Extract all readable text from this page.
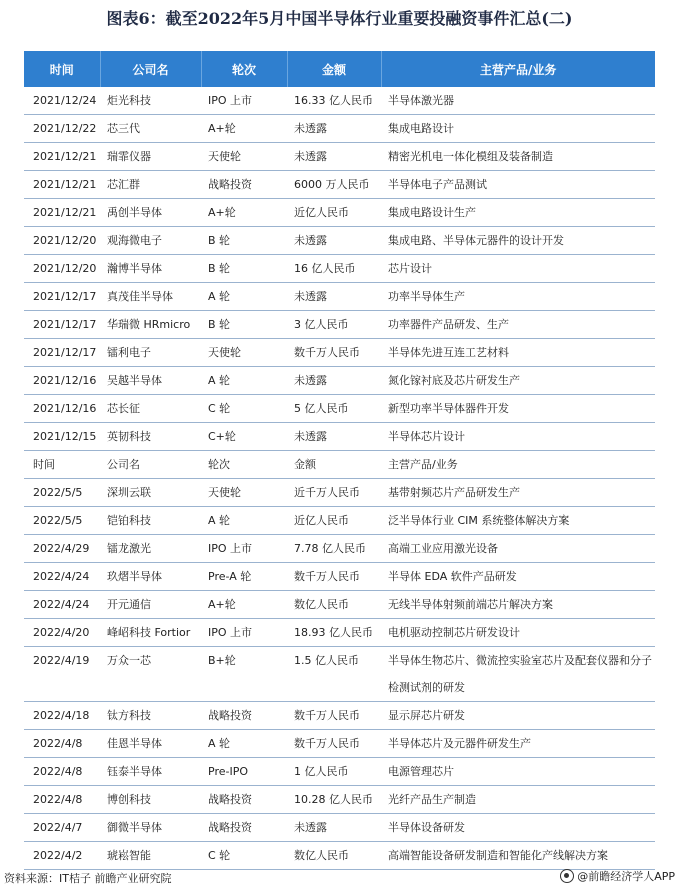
图表6：截至2022年5月中国半导体行业重要投融资事件汇总(二)
时间	公司名	轮次	金额	主营产品/业务
2021/12/24	炬光科技	IPO 上市	16.33 亿人民币	半导体激光器
2021/12/22	芯三代	A+轮	未透露	集成电路设计
2021/12/21	瑞霏仪器	天使轮	未透露	精密光机电一体化模组及装备制造
2021/12/21	芯汇群	战略投资	6000 万人民币	半导体电子产品测试
2021/12/21	禹创半导体	A+轮	近亿人民币	集成电路设计生产
2021/12/20	观海微电子	B 轮	未透露	集成电路、半导体元器件的设计开发
2021/12/20	瀚博半导体	B 轮	16 亿人民币	芯片设计
2021/12/17	真茂佳半导体	A 轮	未透露	功率半导体生产
2021/12/17	华瑞微 HRmicro	B 轮	3 亿人民币	功率器件产品研发、生产
2021/12/17	镭利电子	天使轮	数千万人民币	半导体先进互连工艺材料
2021/12/16	吴越半导体	A 轮	未透露	氮化镓衬底及芯片研发生产
2021/12/16	芯长征	C 轮	5 亿人民币	新型功率半导体器件开发
2021/12/15	英韧科技	C+轮	未透露	半导体芯片设计
时间	公司名	轮次	金额	主营产品/业务
2022/5/5	深圳云联	天使轮	近千万人民币	基带射频芯片产品研发生产
2022/5/5	铠铂科技	A 轮	近亿人民币	泛半导体行业 CIM 系统整体解决方案
2022/4/29	镭龙激光	IPO 上市	7.78 亿人民币	高端工业应用激光设备
2022/4/24	玖熠半导体	Pre-A 轮	数千万人民币	半导体 EDA 软件产品研发
2022/4/24	开元通信	A+轮	数亿人民币	无线半导体射频前端芯片解决方案
2022/4/20	峰岹科技 Fortior	IPO 上市	18.93 亿人民币	电机驱动控制芯片研发设计
2022/4/19	万众一芯	B+轮	1.5 亿人民币	半导体生物芯片、微流控实验室芯片及配套仪器和分子检测试剂的研发
2022/4/18	钛方科技	战略投资	数千万人民币	显示屏芯片研发
2022/4/8	佳恩半导体	A 轮	数千万人民币	半导体芯片及元器件研发生产
2022/4/8	钰泰半导体	Pre-IPO	1 亿人民币	电源管理芯片
2022/4/8	博创科技	战略投资	10.28 亿人民币	光纤产品生产制造
2022/4/7	御微半导体	战略投资	未透露	半导体设备研发
2022/4/2	琥崧智能	C 轮	数亿人民币	高端智能设备研发制造和智能化产线解决方案
资料来源：IT桔子 前瞻产业研究院	@前瞻经济学人APP
